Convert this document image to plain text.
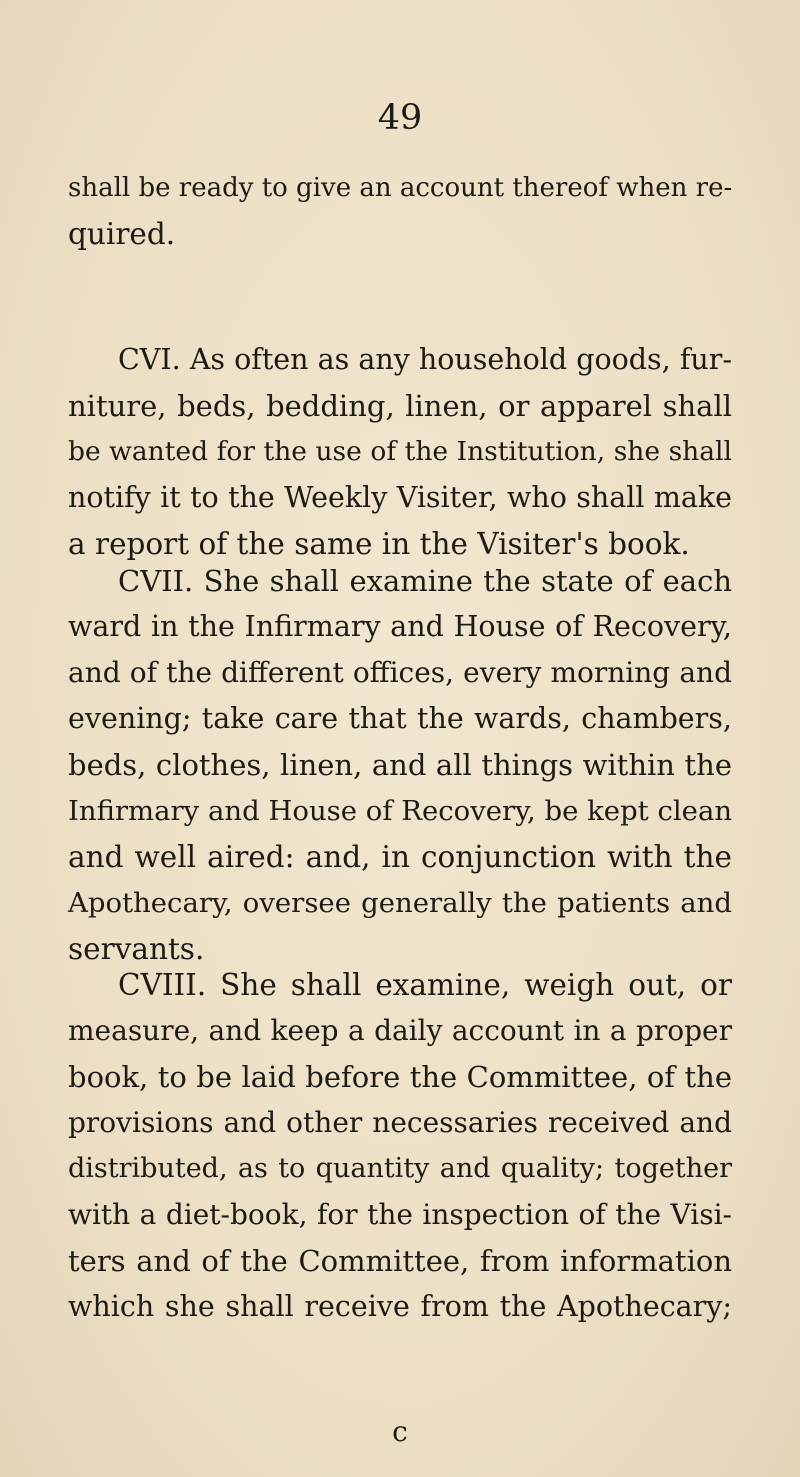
49
shall be ready to give an account thereof when re-
quired.
CVI. As often as any household goods, fur-
niture, beds, bedding, linen, or apparel shall
be wanted for the use of the Institution, she shall
notify it to the Weekly Visiter, who shall make
a report of the same in the Visiter's book.
CVII. She shall examine the state of each
ward in the Infirmary and House of Recovery,
and of the different offices, every morning and
evening; take care that the wards, chambers,
beds, clothes, linen, and all things within the
Infirmary and House of Recovery, be kept clean
and well aired: and, in conjunction with the
Apothecary, oversee generally the patients and
servants.
CVIII. She shall examine, weigh out, or
measure, and keep a daily account in a proper
book, to be laid before the Committee, of the
provisions and other necessaries received and
distributed, as to quantity and quality; together
with a diet-book, for the inspection of the Visi-
ters and of the Committee, from information
which she shall receive from the Apothecary;
c
